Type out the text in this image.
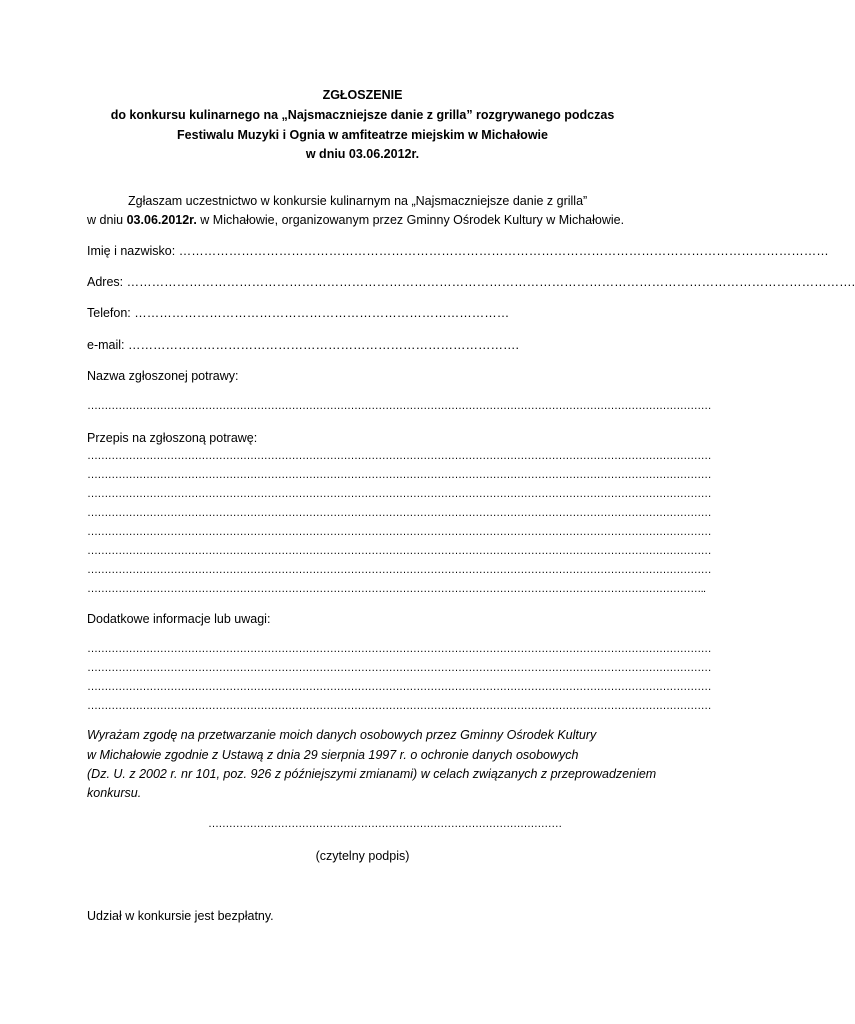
ZGŁOSZENIE
do konkursu kulinarnego na „Najsmaczniejsze danie z grilla” rozgrywanego podczas
Festiwalu Muzyki i Ognia w amfiteatrze miejskim w Michałowie
w dniu 03.06.2012r.
Zgłaszam uczestnictwo w konkursie kulinarnym na „Najsmaczniejsze danie z grilla”
w dniu 03.06.2012r. w Michałowie, organizowanym przez Gminny Ośrodek Kultury w Michałowie.
Imię i nazwisko: …………………………………………………………………………………………………………………………………………
Adres: ………………………………………………………………………………………………………………………………………………………….
Telefon: ………………………………………………………………………………
e-mail: ………………………………………………………………………………….
Nazwa zgłoszonej potrawy:
………………………………………………………………………………………………………………………………………………………………
Przepis na zgłoszoną potrawę:
………………………………………………………………………………………………………………………………………………………………
………………………………………………………………………………………………………………………………………………………………
………………………………………………………………………………………………………………………………………………………………
………………………………………………………………………………………………………………………………………………………………
………………………………………………………………………………………………………………………………………………………………
………………………………………………………………………………………………………………………………………………………………
………………………………………………………………………………………………………………………………………………………………
……………………………………………………………………………………………………………………………………………………………..
Dodatkowe informacje lub uwagi:
………………………………………………………………………………………………………………………………………………………………
………………………………………………………………………………………………………………………………………………………………
………………………………………………………………………………………………………………………………………………………………
………………………………………………………………………………………………………………………………………………………………
Wyrażam zgodę na przetwarzanie moich danych osobowych przez Gminny Ośrodek Kultury
w Michałowie zgodnie z Ustawą z dnia 29 sierpnia 1997 r. o ochronie danych osobowych
(Dz. U. z 2002 r. nr 101, poz. 926 z późniejszymi zmianami) w celach związanych z przeprowadzeniem
konkursu.
…………………………………………………………………………………………
(czytelny podpis)
Udział w konkursie jest bezpłatny.
